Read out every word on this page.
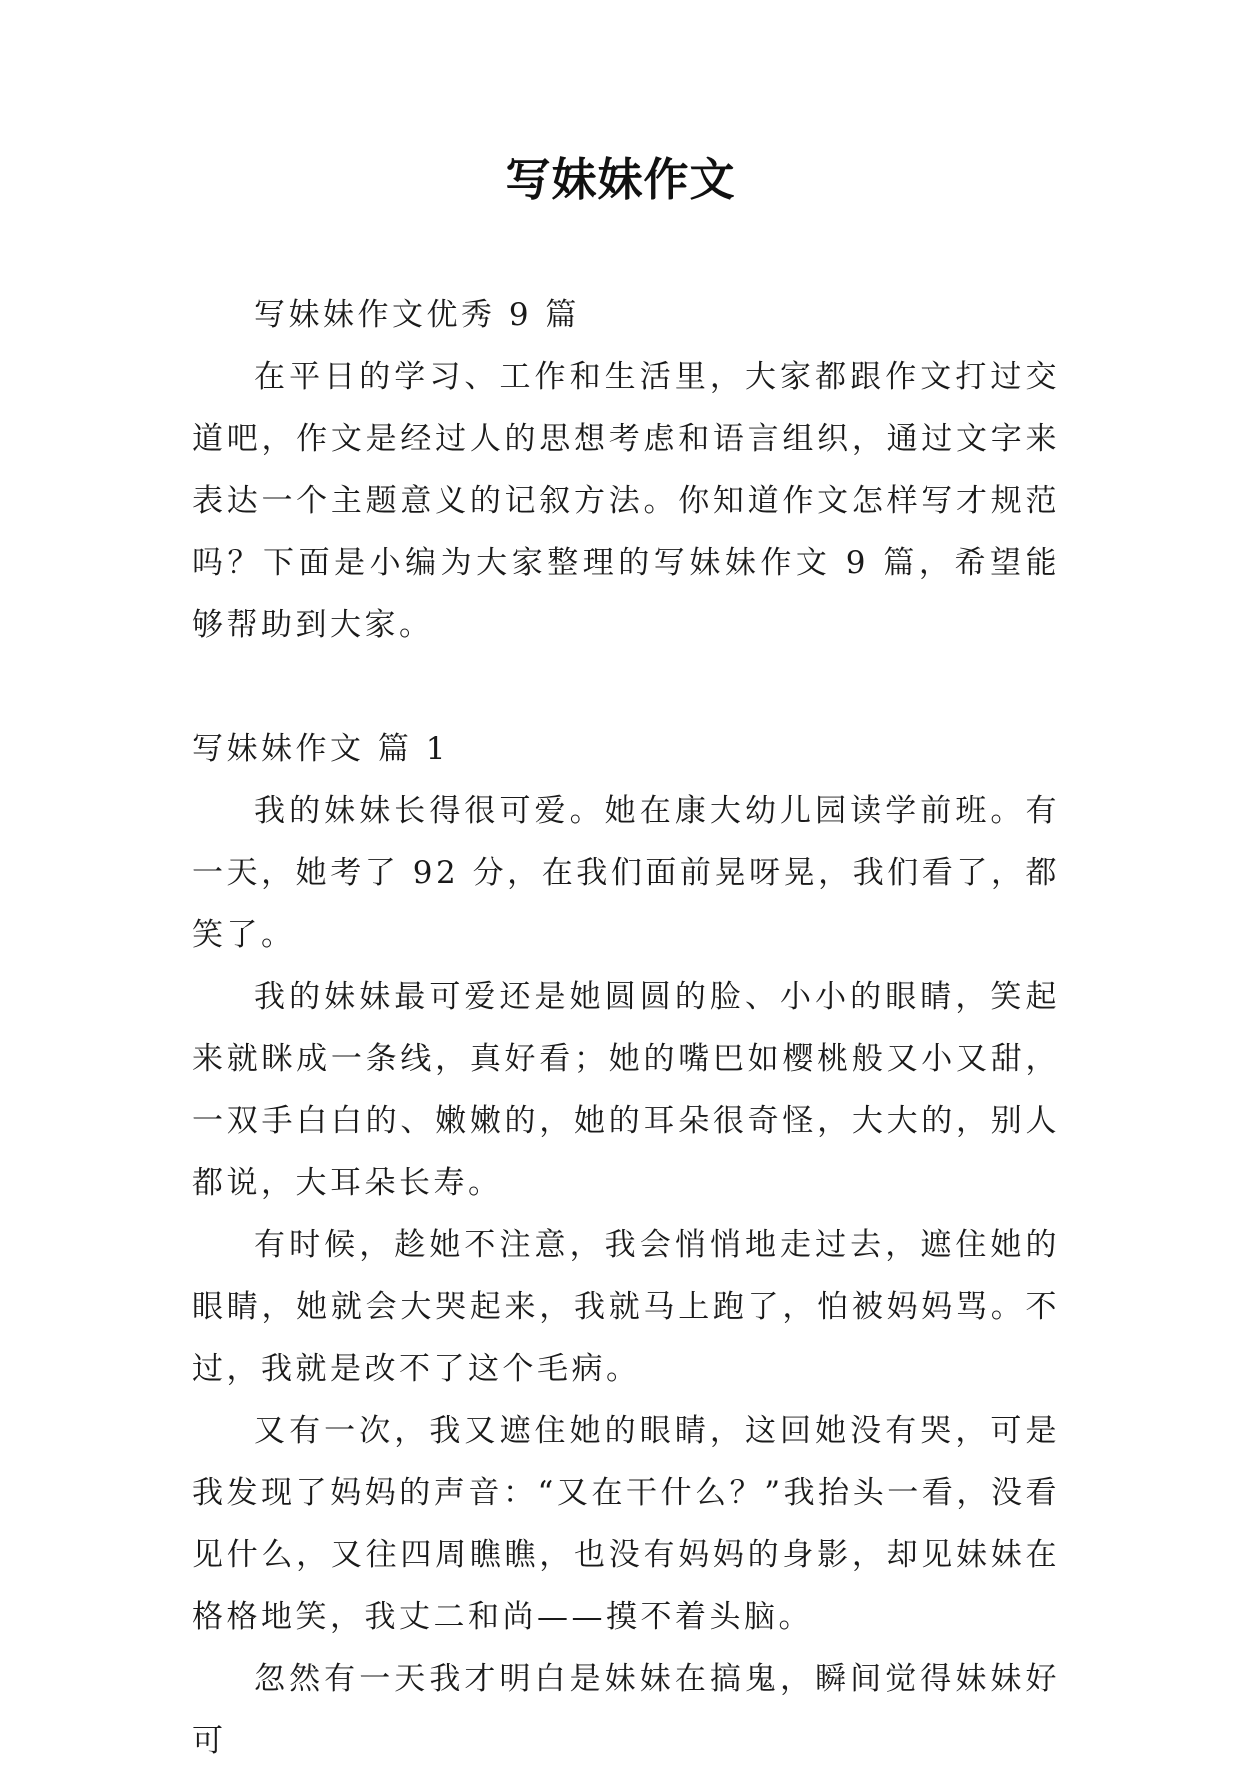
写妹妹作文

写妹妹作文优秀 9 篇

在平日的学习、工作和生活里，大家都跟作文打过交道吧，作文是经过人的思想考虑和语言组织，通过文字来表达一个主题意义的记叙方法。你知道作文怎样写才规范吗？下面是小编为大家整理的写妹妹作文 9 篇，希望能够帮助到大家。

写妹妹作文 篇 1

我的妹妹长得很可爱。她在康大幼儿园读学前班。有一天，她考了 92 分，在我们面前晃呀晃，我们看了，都笑了。

我的妹妹最可爱还是她圆圆的脸、小小的眼睛，笑起来就眯成一条线，真好看；她的嘴巴如樱桃般又小又甜，一双手白白的、嫩嫩的，她的耳朵很奇怪，大大的，别人都说，大耳朵长寿。

有时候，趁她不注意，我会悄悄地走过去，遮住她的眼睛，她就会大哭起来，我就马上跑了，怕被妈妈骂。不过，我就是改不了这个毛病。

又有一次，我又遮住她的眼睛，这回她没有哭，可是我发现了妈妈的声音：“又在干什么？”我抬头一看，没看见什么，又往四周瞧瞧，也没有妈妈的身影，却见妹妹在格格地笑，我丈二和尚——摸不着头脑。

忽然有一天我才明白是妹妹在搞鬼，瞬间觉得妹妹好可
